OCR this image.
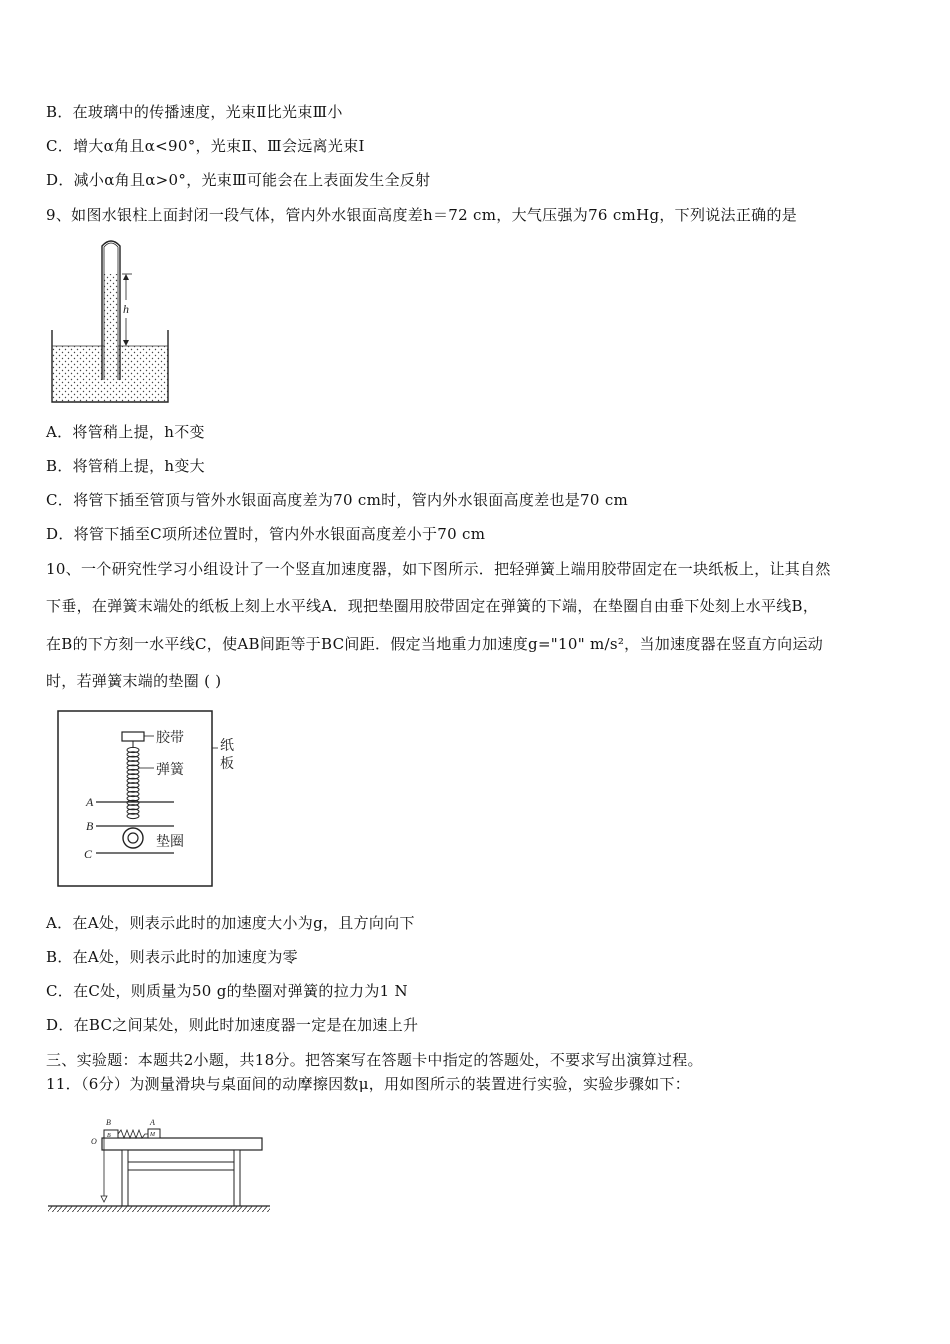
B．在玻璃中的传播速度，光束Ⅱ比光束Ⅲ小
C．增大α角且α<90°，光束Ⅱ、Ⅲ会远离光束Ⅰ
D．减小α角且α>0°，光束Ⅲ可能会在上表面发生全反射
9、如图水银柱上面封闭一段气体，管内外水银面高度差h＝72 cm，大气压强为76 cmHg，下列说法正确的是
h
A．将管稍上提，h不变
B．将管稍上提，h变大
C．将管下插至管顶与管外水银面高度差为70 cm时，管内外水银面高度差也是70 cm
D．将管下插至C项所述位置时，管内外水银面高度差小于70 cm
10、一个研究性学习小组设计了一个竖直加速度器，如下图所示．把轻弹簧上端用胶带固定在一块纸板上，让其自然
下垂，在弹簧末端处的纸板上刻上水平线A．现把垫圈用胶带固定在弹簧的下端，在垫圈自由垂下处刻上水平线B，
在B的下方刻一水平线C，使AB间距等于BC间距．假定当地重力加速度g="10" m/s²，当加速度器在竖直方向运动
时，若弹簧末端的垫圈 ( )
胶带
弹簧
纸
板
A
B
C
垫圈
A．在A处，则表示此时的加速度大小为g，且方向向下
B．在A处，则表示此时的加速度为零
C．在C处，则质量为50 g的垫圈对弹簧的拉力为1 N
D．在BC之间某处，则此时加速度器一定是在加速上升
三、实验题：本题共2小题，共18分。把答案写在答题卡中指定的答题处，不要求写出演算过程。
11．（6分）为测量滑块与桌面间的动摩擦因数μ，用如图所示的装置进行实验，实验步骤如下：
B
B
A
M
O
